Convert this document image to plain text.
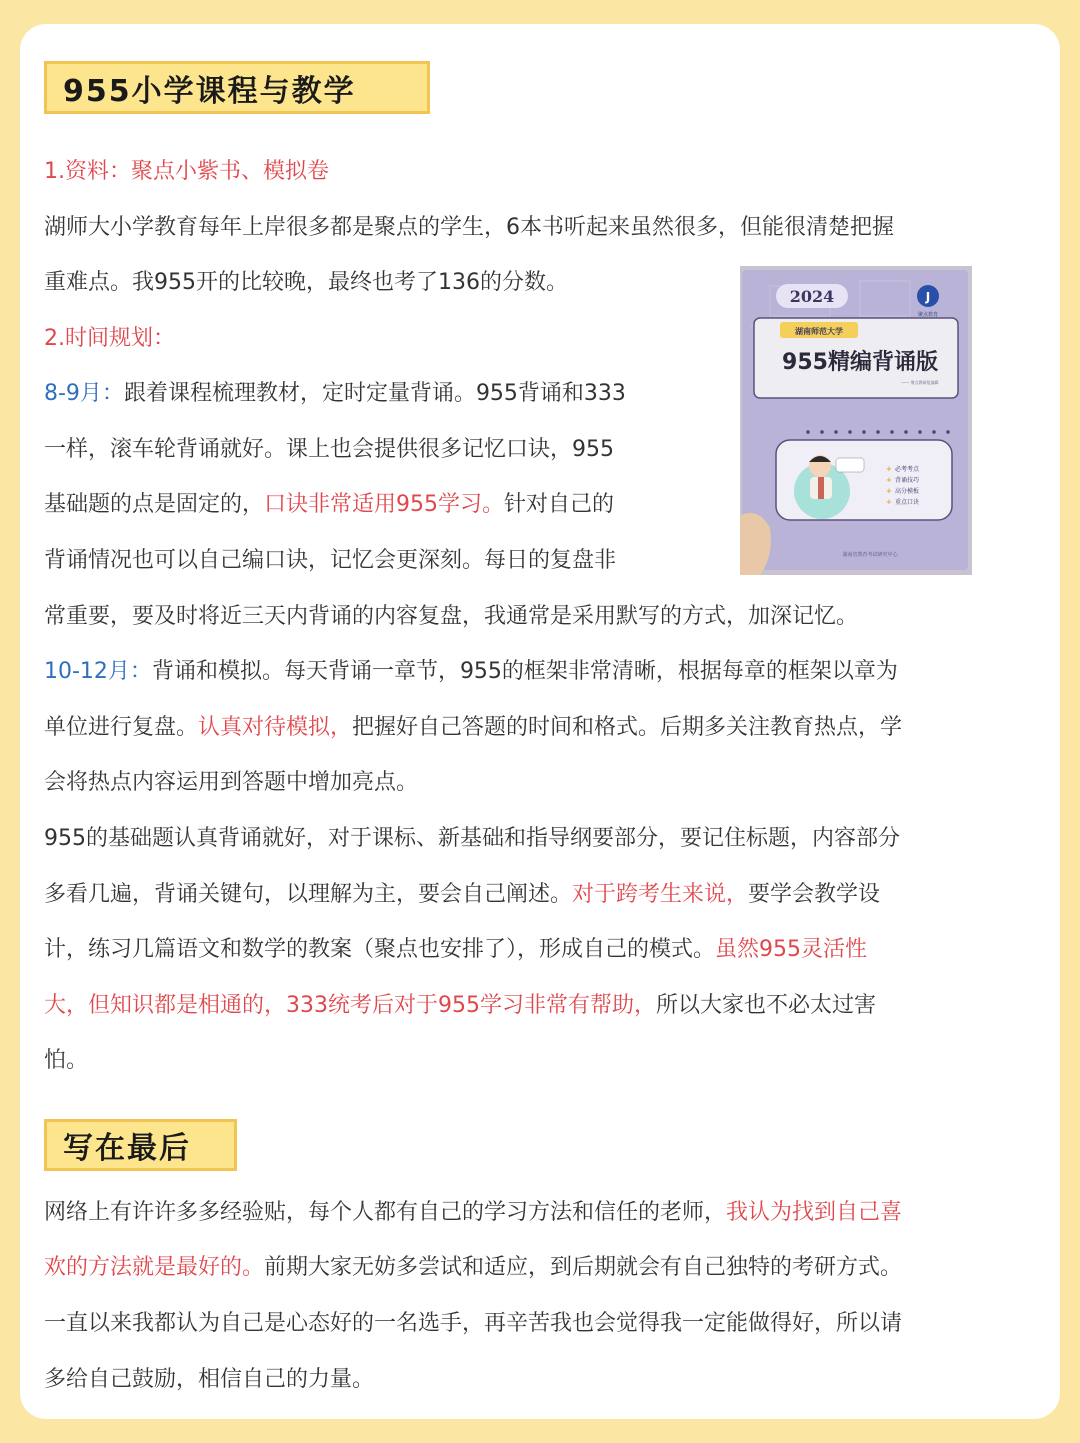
955小学课程与教学
1.资料：聚点小紫书、模拟卷
湖师大小学教育每年上岸很多都是聚点的学生，6本书听起来虽然很多，但能很清楚把握
重难点。我955开的比较晚，最终也考了136的分数。
2.时间规划：
8-9月：跟着课程梳理教材，定时定量背诵。955背诵和333
一样，滚车轮背诵就好。课上也会提供很多记忆口诀，955
基础题的点是固定的，口诀非常适用955学习。针对自己的
背诵情况也可以自己编口诀，记忆会更深刻。每日的复盘非
常重要，要及时将近三天内背诵的内容复盘，我通常是采用默写的方式，加深记忆。
10-12月：背诵和模拟。每天背诵一章节，955的框架非常清晰，根据每章的框架以章为
单位进行复盘。认真对待模拟，把握好自己答题的时间和格式。后期多关注教育热点，学
会将热点内容运用到答题中增加亮点。
955的基础题认真背诵就好，对于课标、新基础和指导纲要部分，要记住标题，内容部分
多看几遍，背诵关键句，以理解为主，要会自己阐述。对于跨考生来说，要学会教学设
计，练习几篇语文和数学的教案（聚点也安排了），形成自己的模式。虽然955灵活性
大，但知识都是相通的，333统考后对于955学习非常有帮助，所以大家也不必太过害
怕。
2024	J
聚点教育
湖南师范大学
955精编背诵版
—— 聚点教研组编辑
必考考点
背诵技巧
高分模板
重点口诀
+
+
+
+
湖南省教育考试研究中心
写在最后
网络上有许许多多经验贴，每个人都有自己的学习方法和信任的老师，我认为找到自己喜
欢的方法就是最好的。前期大家无妨多尝试和适应，到后期就会有自己独特的考研方式。
一直以来我都认为自己是心态好的一名选手，再辛苦我也会觉得我一定能做得好，所以请
多给自己鼓励，相信自己的力量。
